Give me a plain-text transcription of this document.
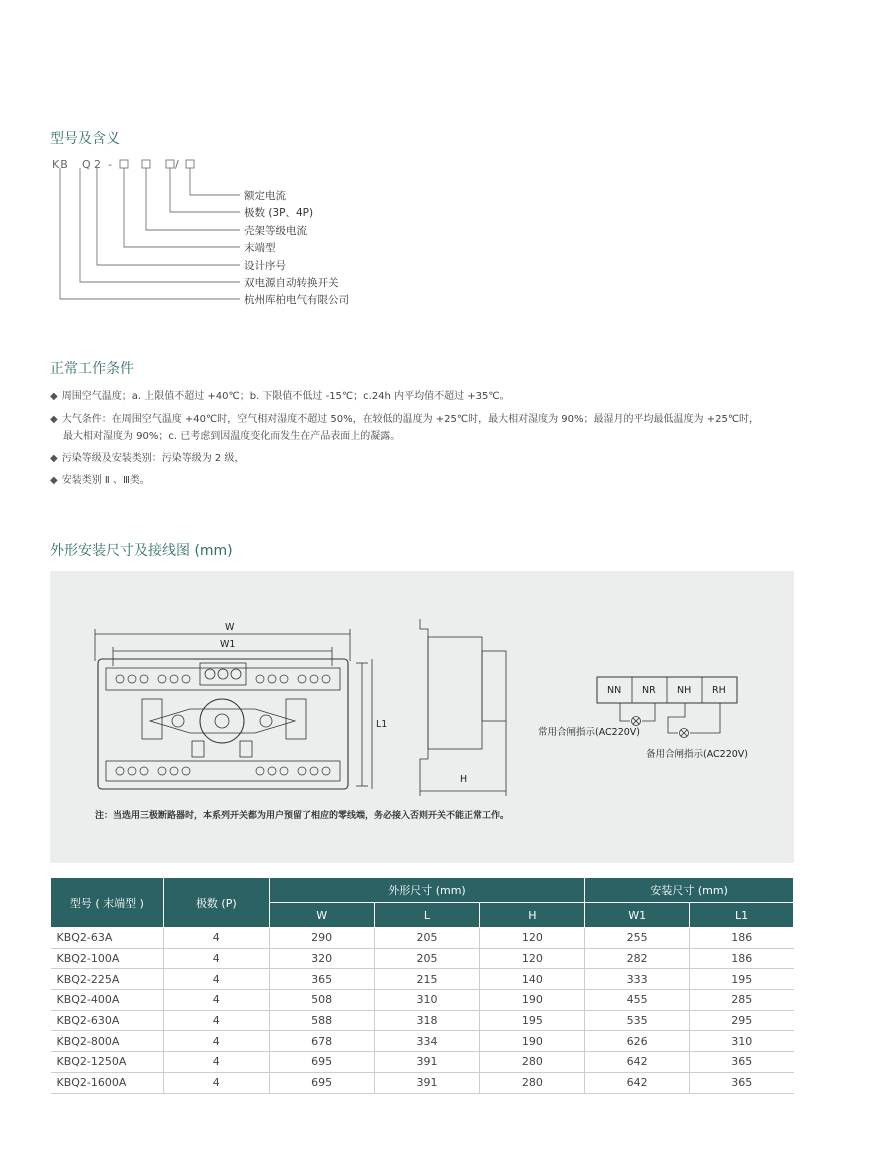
型号及含义
KB Q 2 -	/
额定电流
极数 (3P、4P)
壳架等级电流
末端型
设计序号
双电源自动转换开关
杭州库柏电气有限公司
正常工作条件
◆ 周围空气温度；a. 上限值不超过 +40℃；b. 下限值不低过 -15℃；c.24h 内平均值不超过 +35℃。
◆ 大气条件：在周围空气温度 +40℃时，空气相对湿度不超过 50%，在较低的温度为 +25℃时，最大相对湿度为 90%；最湿月的平均最低温度为 +25℃时，
最大相对湿度为 90%；c. 已考虑到因温度变化而发生在产品表面上的凝露。
◆ 污染等级及安装类别：污染等级为 2 级，
◆ 安装类别 Ⅱ 、Ⅲ类。
外形安装尺寸及接线图 (mm)
W
W1
L1
H
NN NR NH RH
常用合闸指示(AC220V)
备用合闸指示(AC220V)
注：当选用三极断路器时，本系列开关都为用户预留了相应的零线端，务必接入否则开关不能正常工作。
型号 ( 末端型 )	极数 (P)	外形尺寸 (mm)			安装尺寸 (mm)	
		W	L	H	W1	L1
KBQ2-63A	4	290	205	120	255	186
KBQ2-100A	4	320	205	120	282	186
KBQ2-225A	4	365	215	140	333	195
KBQ2-400A	4	508	310	190	455	285
KBQ2-630A	4	588	318	195	535	295
KBQ2-800A	4	678	334	190	626	310
KBQ2-1250A	4	695	391	280	642	365
KBQ2-1600A	4	695	391	280	642	365
